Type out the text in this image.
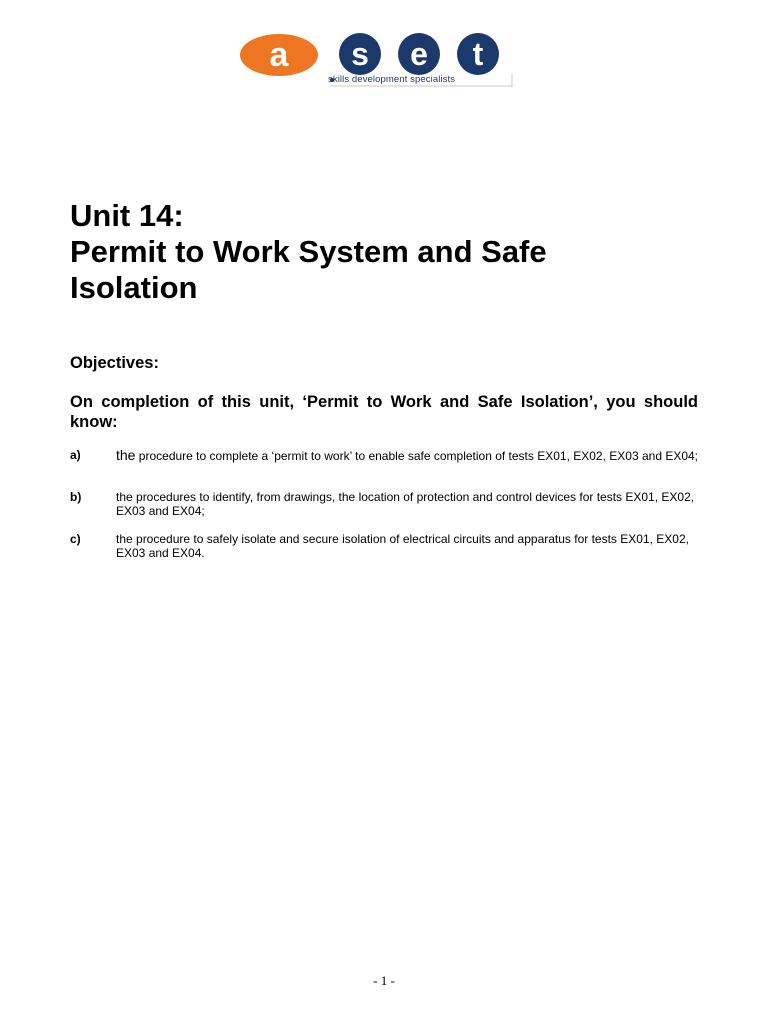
a s e t
skills development specialists
Unit 14:
Permit to Work System and Safe
Isolation
Objectives:
On completion of this unit, ‘Permit to Work and Safe Isolation’, you should know:
a)	the procedure to complete a ‘permit to work’ to enable safe completion of tests EX01, EX02, EX03 and EX04;
b)	the procedures to identify, from drawings, the location of protection and control devices for tests EX01, EX02, EX03 and EX04;
c)	the procedure to safely isolate and secure isolation of electrical circuits and apparatus for tests EX01, EX02, EX03 and EX04.
- 1 -
